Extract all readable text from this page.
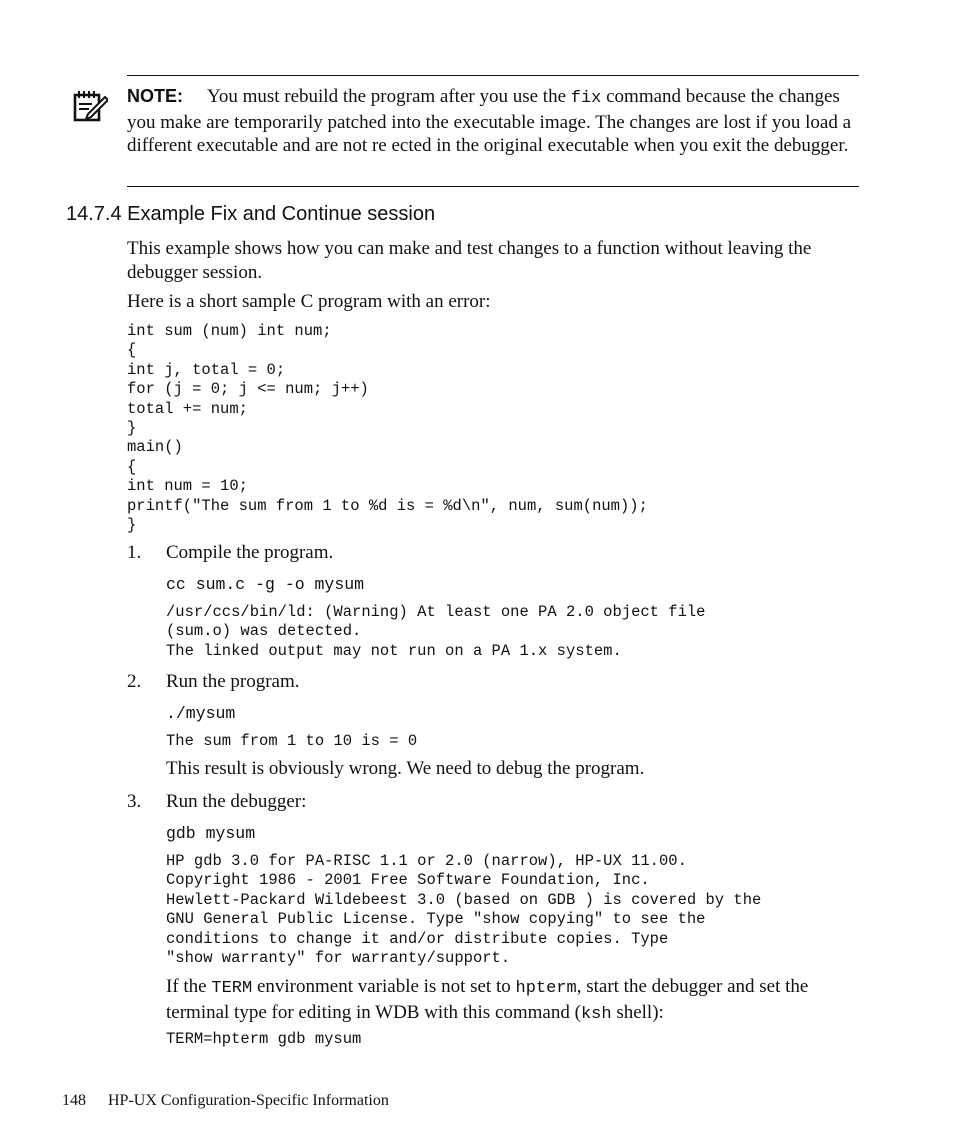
NOTE: You must rebuild the program after you use the fix command because the changes you make are temporarily patched into the executable image. The changes are lost if you load a different executable and are not re ected in the original executable when you exit the debugger.
14.7.4 Example Fix and Continue session
This example shows how you can make and test changes to a function without leaving the debugger session.
Here is a short sample C program with an error:
int sum (num) int num;
{
int j, total = 0;
for (j = 0; j <= num; j++)
total += num;
}
main()
{
int num = 10;
printf("The sum from 1 to %d is = %d\n", num, sum(num));
}
1. Compile the program.
cc sum.c -g -o mysum
/usr/ccs/bin/ld: (Warning) At least one PA 2.0 object file
(sum.o) was detected.
The linked output may not run on a PA 1.x system.
2. Run the program.
./mysum
The sum from 1 to 10 is = 0
This result is obviously wrong. We need to debug the program.
3. Run the debugger:
gdb mysum
HP gdb 3.0 for PA-RISC 1.1 or 2.0 (narrow), HP-UX 11.00.
Copyright 1986 - 2001 Free Software Foundation, Inc.
Hewlett-Packard Wildebeest 3.0 (based on GDB ) is covered by the
GNU General Public License. Type "show copying" to see the
conditions to change it and/or distribute copies. Type
"show warranty" for warranty/support.
If the TERM environment variable is not set to hpterm, start the debugger and set the terminal type for editing in WDB with this command (ksh shell):
TERM=hpterm gdb mysum
148 HP-UX Configuration-Specific Information
